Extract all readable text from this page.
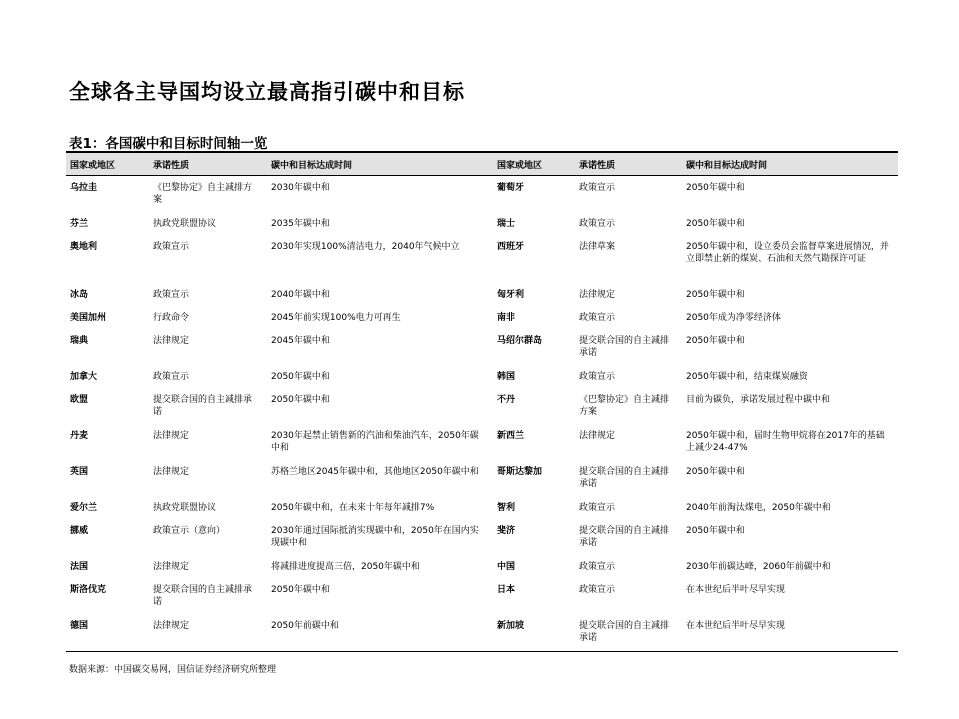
全球各主导国均设立最高指引碳中和目标
表1：各国碳中和目标时间轴一览
国家或地区	承诺性质	碳中和目标达成时间	国家或地区	承诺性质	碳中和目标达成时间
乌拉圭	《巴黎协定》自主减排方案	2030年碳中和	葡萄牙	政策宣示	2050年碳中和
芬兰	执政党联盟协议	2035年碳中和	瑞士	政策宣示	2050年碳中和
奥地利	政策宣示	2030年实现100%清洁电力，2040年气候中立	西班牙	法律草案	2050年碳中和，设立委员会监督草案进展情况，并立即禁止新的煤炭、石油和天然气勘探许可证
冰岛	政策宣示	2040年碳中和	匈牙利	法律规定	2050年碳中和
美国加州	行政命令	2045年前实现100%电力可再生	南非	政策宣示	2050年成为净零经济体
瑞典	法律规定	2045年碳中和	马绍尔群岛	提交联合国的自主减排承诺	2050年碳中和
加拿大	政策宣示	2050年碳中和	韩国	政策宣示	2050年碳中和，结束煤炭融资
欧盟	提交联合国的自主减排承诺	2050年碳中和	不丹	《巴黎协定》自主减排方案	目前为碳负，承诺发展过程中碳中和
丹麦	法律规定	2030年起禁止销售新的汽油和柴油汽车，2050年碳中和	新西兰	法律规定	2050年碳中和，届时生物甲烷将在2017年的基础上减少24-47%
英国	法律规定	苏格兰地区2045年碳中和，其他地区2050年碳中和	哥斯达黎加	提交联合国的自主减排承诺	2050年碳中和
爱尔兰	执政党联盟协议	2050年碳中和，在未来十年每年减排7%	智利	政策宣示	2040年前淘汰煤电，2050年碳中和
挪威	政策宣示（意向）	2030年通过国际抵消实现碳中和，2050年在国内实现碳中和	斐济	提交联合国的自主减排承诺	2050年碳中和
法国	法律规定	将减排进度提高三倍，2050年碳中和	中国	政策宣示	2030年前碳达峰，2060年前碳中和
斯洛伐克	提交联合国的自主减排承诺	2050年碳中和	日本	政策宣示	在本世纪后半叶尽早实现
德国	法律规定	2050年前碳中和	新加坡	提交联合国的自主减排承诺	在本世纪后半叶尽早实现
数据来源：中国碳交易网，国信证券经济研究所整理
